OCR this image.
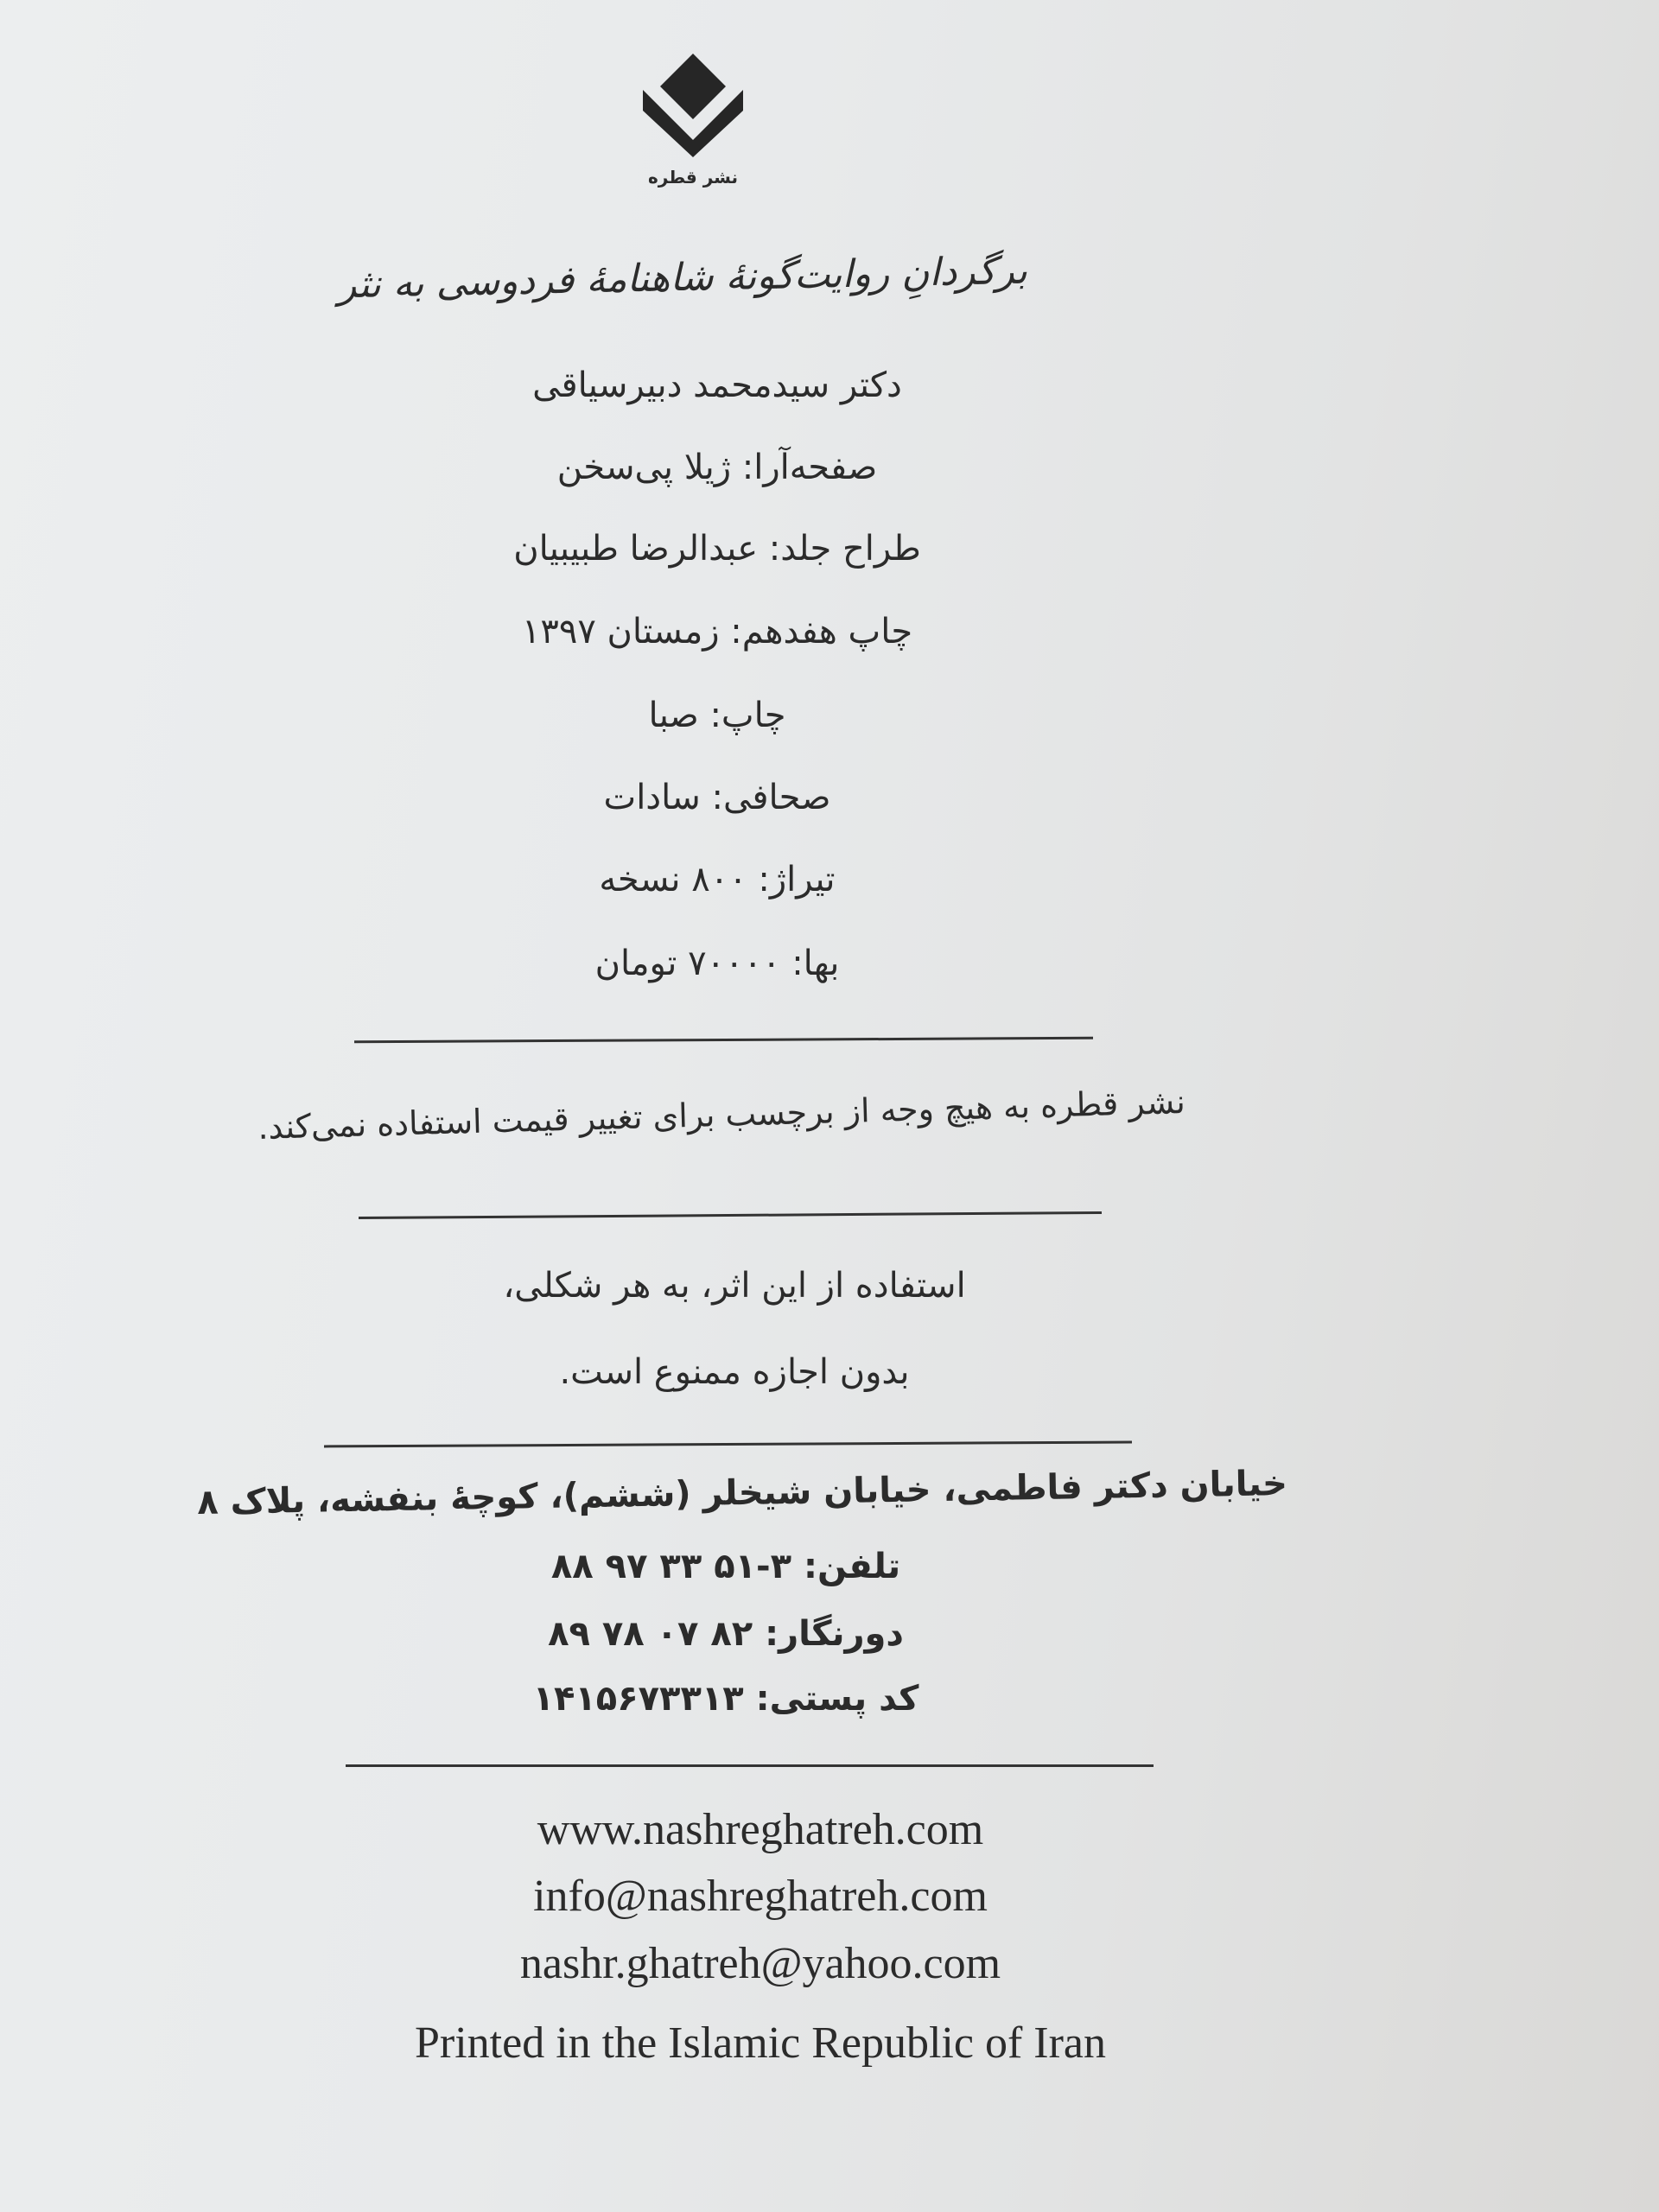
نشر قطره
برگردانِ روایت‌گونهٔ شاهنامهٔ فردوسی به نثر
دکتر سیدمحمد دبیرسیاقی
صفحه‌آرا: ژیلا پی‌سخن
طراح جلد: عبدالرضا طبیبیان
چاپ هفدهم: زمستان ۱۳۹۷
چاپ: صبا
صحافی: سادات
تیراژ: ۸۰۰ نسخه
بها: ۷۰۰۰۰ تومان
نشر قطره به هیچ وجه از برچسب برای تغییر قیمت استفاده نمی‌کند.
استفاده از این اثر، به هر شکلی،
بدون اجازه ممنوع است.
خیابان دکتر فاطمی، خیابان شیخلر (ششم)، کوچهٔ بنفشه، پلاک ۸
تلفن: ۳-۵۱ ۳۳ ۹۷ ۸۸
دورنگار: ۸۲ ۰۷ ۷۸ ۸۹
کد پستی: ۱۴۱۵۶۷۳۳۱۳
www.nashreghatreh.com
info@nashreghatreh.com
nashr.ghatreh@yahoo.com
Printed in the Islamic Republic of Iran
